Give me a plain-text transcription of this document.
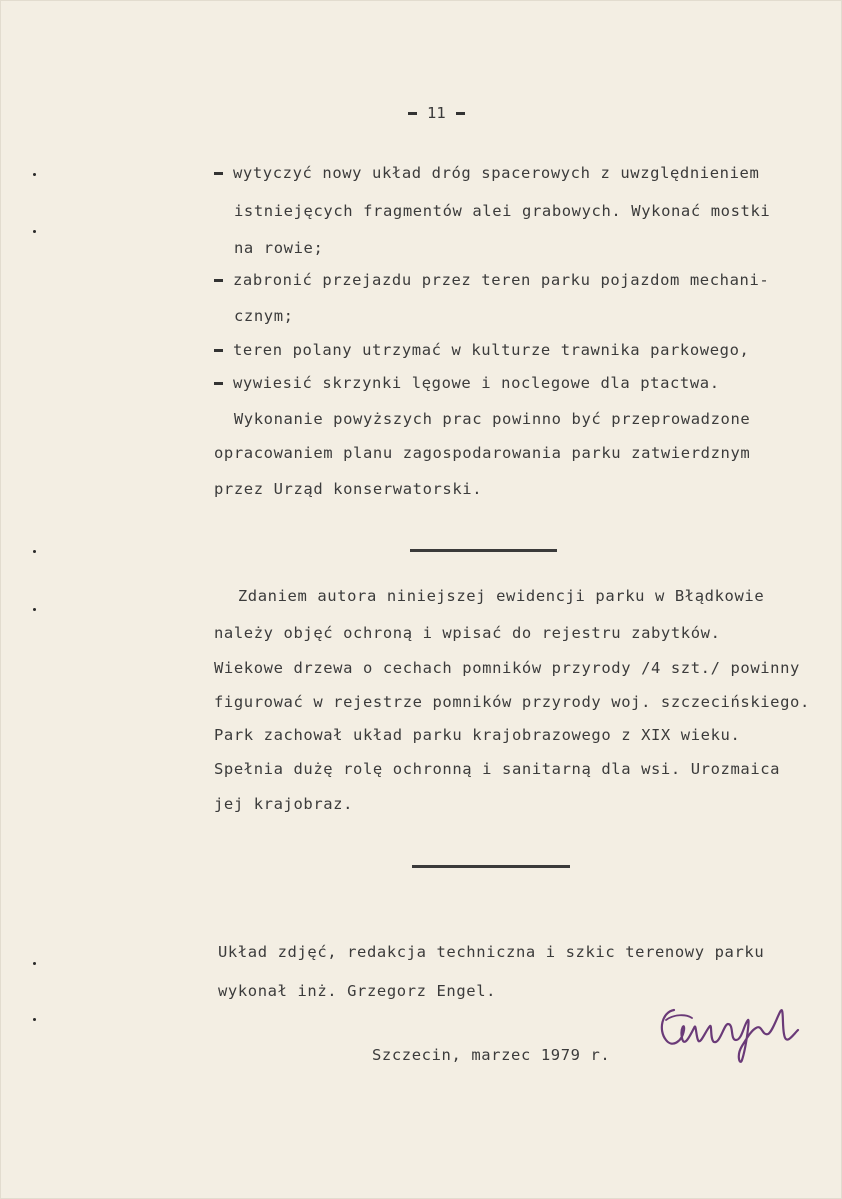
11
wytyczyć nowy układ dróg spacerowych z uwzględnieniem
istniejęcych fragmentów alei grabowych. Wykonać mostki
na rowie;
zabronić przejazdu przez teren parku pojazdom mechani-
cznym;
teren polany utrzymać w kulturze trawnika parkowego,
wywiesić skrzynki lęgowe i noclegowe dla ptactwa.
Wykonanie powyższych prac powinno być przeprowadzone
opracowaniem planu zagospodarowania parku zatwierdznym
przez Urząd konserwatorski.
Zdaniem autora niniejszej ewidencji parku w Błądkowie
należy objęć ochroną i wpisać do rejestru zabytków.
Wiekowe drzewa o cechach pomników przyrody /4 szt./ powinny
figurować w rejestrze pomników przyrody woj. szczecińskiego.
Park zachował układ parku krajobrazowego z XIX wieku.
Spełnia dużę rolę ochronną i sanitarną dla wsi. Urozmaica
jej krajobraz.
Układ zdjęć, redakcja techniczna i szkic terenowy parku
wykonał inż. Grzegorz Engel.
Szczecin, marzec 1979 r.
